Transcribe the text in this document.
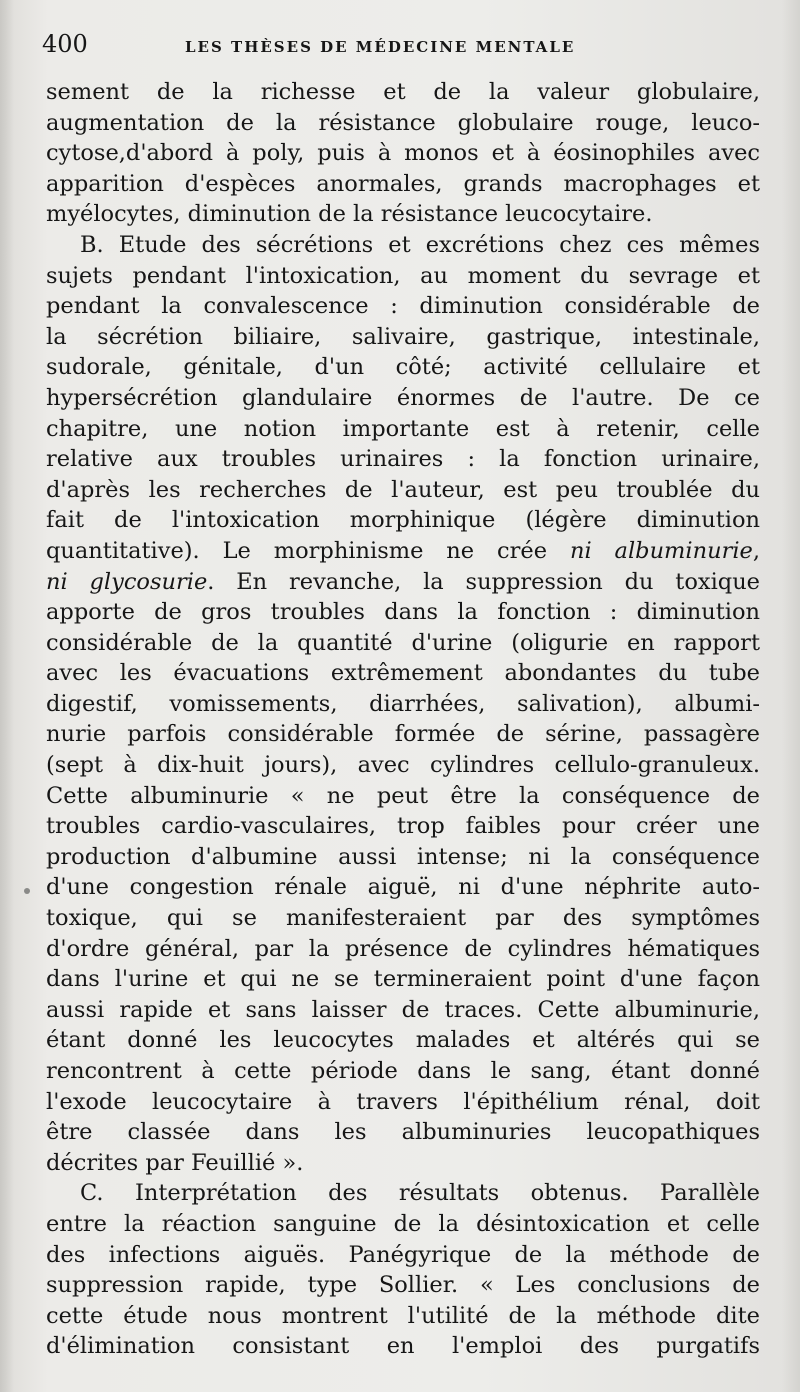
400	LES THÈSES DE MÉDECINE MENTALE
sement de la richesse et de la valeur globulaire,
augmentation de la résistance globulaire rouge, leuco-
cytose,d'abord à poly, puis à monos et à éosinophiles avec
apparition d'espèces anormales, grands macrophages et
myélocytes, diminution de la résistance leucocytaire.
B. Etude des sécrétions et excrétions chez ces mêmes
sujets pendant l'intoxication, au moment du sevrage et
pendant la convalescence : diminution considérable de
la sécrétion biliaire, salivaire, gastrique, intestinale,
sudorale, génitale, d'un côté; activité cellulaire et
hypersécrétion glandulaire énormes de l'autre. De ce
chapitre, une notion importante est à retenir, celle
relative aux troubles urinaires : la fonction urinaire,
d'après les recherches de l'auteur, est peu troublée du
fait de l'intoxication morphinique (légère diminution
quantitative). Le morphinisme ne crée ni albuminurie,
ni glycosurie. En revanche, la suppression du toxique
apporte de gros troubles dans la fonction : diminution
considérable de la quantité d'urine (oligurie en rapport
avec les évacuations extrêmement abondantes du tube
digestif, vomissements, diarrhées, salivation), albumi-
nurie parfois considérable formée de sérine, passagère
(sept à dix-huit jours), avec cylindres cellulo-granuleux.
Cette albuminurie « ne peut être la conséquence de
troubles cardio-vasculaires, trop faibles pour créer une
production d'albumine aussi intense; ni la conséquence
d'une congestion rénale aiguë, ni d'une néphrite auto-
toxique, qui se manifesteraient par des symptômes
d'ordre général, par la présence de cylindres hématiques
dans l'urine et qui ne se termineraient point d'une façon
aussi rapide et sans laisser de traces. Cette albuminurie,
étant donné les leucocytes malades et altérés qui se
rencontrent à cette période dans le sang, étant donné
l'exode leucocytaire à travers l'épithélium rénal, doit
être classée dans les albuminuries leucopathiques
décrites par Feuillié ».
C. Interprétation des résultats obtenus. Parallèle
entre la réaction sanguine de la désintoxication et celle
des infections aiguës. Panégyrique de la méthode de
suppression rapide, type Sollier. « Les conclusions de
cette étude nous montrent l'utilité de la méthode dite
d'élimination consistant en l'emploi des purgatifs
